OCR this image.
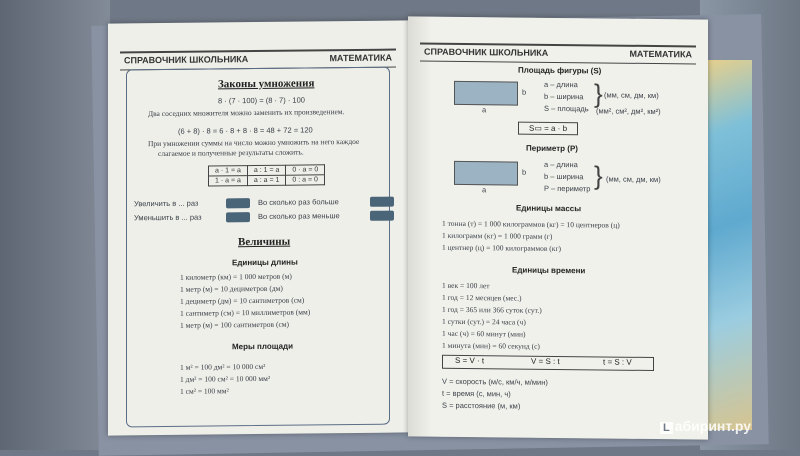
СПРАВОЧНИК ШКОЛЬНИКА	МАТЕМАТИКА
Законы умножения
8 · (7 · 100) = (8 · 7) · 100
Два соседних множителя можно заменить их произведением.
(6 + 8) · 8 = 6 · 8 + 8 · 8 = 48 + 72 = 120
При умножении суммы на число можно умножить на него каждое
слагаемое и полученные результаты сложить.
a · 1 = a	a : 1 = a	0 · a = 0
1 · a = a	a : a = 1	0 : a = 0
Увеличить в ... раз	Во сколько раз больше
Уменьшить в ... раз	Во сколько раз меньше
Величины
Единицы длины
1 километр (км) = 1 000 метров (м)
1 метр (м) = 10 дециметров (дм)
1 дециметр (дм) = 10 сантиметров (см)
1 сантиметр (см) = 10 миллиметров (мм)
1 метр (м) = 100 сантиметров (см)
Меры площади
1 м² = 100 дм² = 10 000 см²
1 дм² = 100 см² = 10 000 мм²
1 см² = 100 мм²
СПРАВОЧНИК ШКОЛЬНИКА	МАТЕМАТИКА
Площадь фигуры (S)
a
b
a – длина
b – ширина
S – площадь
} (мм, см, дм, км)
(мм², см², дм², км²)
S▭ = a · b
Периметр (P)
a
b
a – длина
b – ширина
P – периметр } (мм, см, дм, км)
Единицы массы
1 тонна (т) = 1 000 килограммов (кг) = 10 центнеров (ц)
1 килограмм (кг) = 1 000 грамм (г)
1 центнер (ц) = 100 килограммов (кг)
Единицы времени
1 век = 100 лет
1 год = 12 месяцев (мес.)
1 год = 365 или 366 суток (сут.)
1 сутки (сут.) = 24 часа (ч)
1 час (ч) = 60 минут (мин)
1 минута (мин) = 60 секунд (с)
S = V · t	V = S : t	t = S : V
V = скорость (м/с, км/ч, м/мин)
t = время (с, мин, ч)
S = расстояние (м, км)
L абиринт.ру
